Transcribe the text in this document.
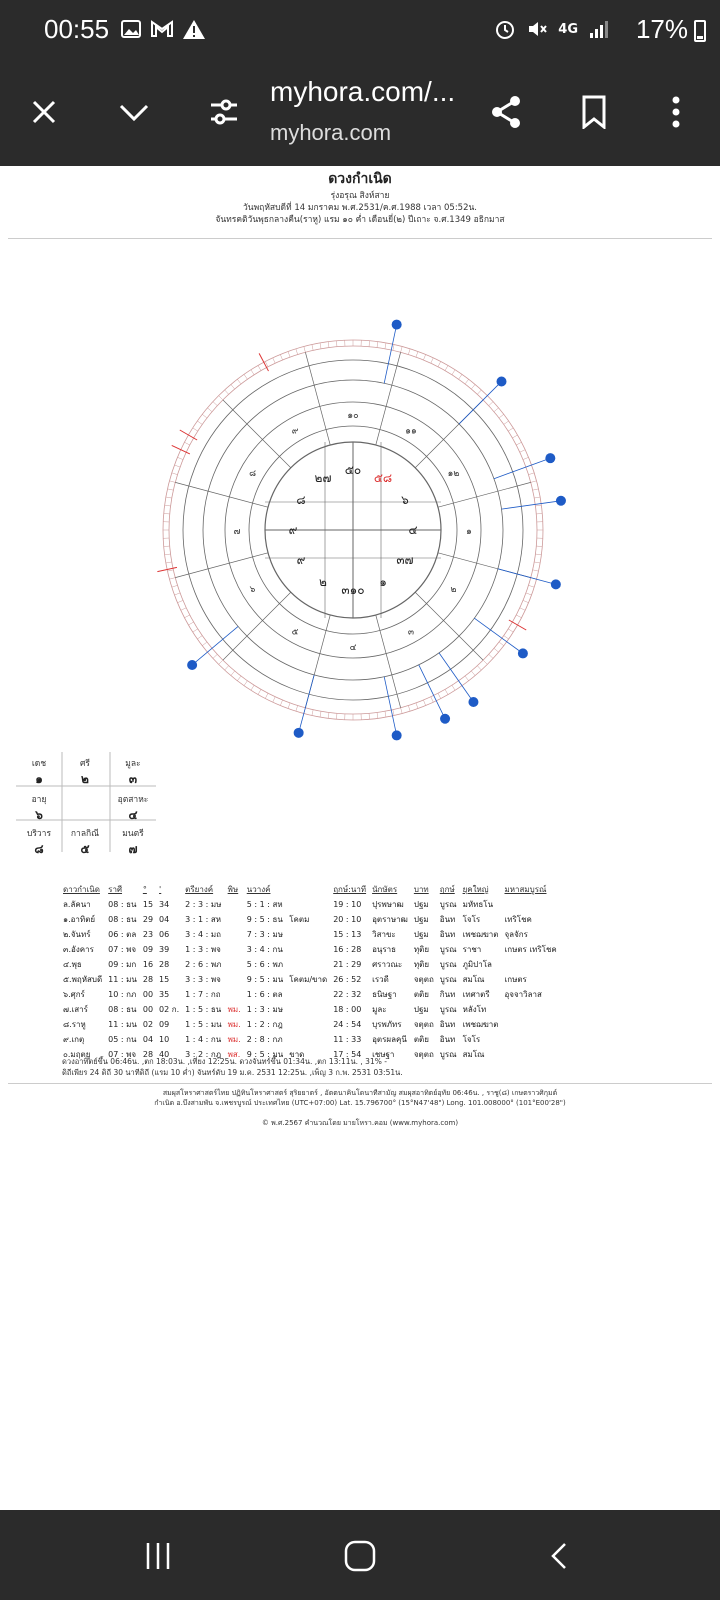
00:55	4G 17%
myhora.com/...
myhora.com
ดวงกำเนิด
รุ่งอรุณ สิงห์สาย
วันพฤหัสบดีที่ 14 มกราคม พ.ศ.2531/ค.ศ.1988 เวลา 05:52น.
จันทรคติวันพุธกลางคืน(ราหู) แรม ๑๐ ค่ำ เดือนยี่(๒) ปีเถาะ จ.ศ.1349 อธิกมาส
๕๘
๖
๔
๓๗
๑
๓๑๐
๒
๙
๙
๘
๒๗
๕๐
๑
๒
๓
๔
๕
๖
๗
๘
๙
๑๐
๑๑
๑๒
เดช
๑
ศรี
๒
มูละ
๓
อายุ
๖
อุตสาหะ
๔
บริวาร
๘
กาลกิณี
๕
มนตรี
๗
ดาวกำเนิด	ราศี	°	'	ตรียางค์	พิษ	นวางค์		ฤกษ์:นาที	นักษัตร	บาท	ฤกษ์	ยุคใหญ่	มหาสมบูรณ์
ล.ลัคนา	08 : ธน	15	34	2 : 3 : มษ		5 : 1 : สห		19 : 10	ปุรพษาฒ	ปฐม	บูรณ	มหัทธโน	
๑.อาทิตย์	08 : ธน	29	04	3 : 1 : สห		9 : 5 : ธน	โคตม	20 : 10	อุตราษาฒ	ปฐม	อินท	โจโร	เทริโชค
๒.จันทร์	06 : ตล	23	06	3 : 4 : มถ		7 : 3 : มษ		15 : 13	วิสาขะ	ปฐม	อินท	เพชฌฆาต	จุลจักร
๓.อังคาร	07 : พจ	09	39	1 : 3 : พจ		3 : 4 : กน		16 : 28	อนุราธ	ทุติย	บูรณ	ราชา	เกษตร เทริโชค
๔.พุธ	09 : มก	16	28	2 : 6 : พภ		5 : 6 : พภ		21 : 29	ศราวณะ	ทุติย	บูรณ	ภูมิปาโล	
๕.พฤหัสบดี	11 : มน	28	15	3 : 3 : พจ		9 : 5 : มน	โคตม/ขาด	26 : 52	เรวดี	จตุตถ	บูรณ	สมโณ	เกษตร
๖.ศุกร์	10 : กภ	00	35	1 : 7 : กถ		1 : 6 : ตล		22 : 32	ธนิษฐา	ตติย	กินท	เทศาตรี	อุจจาวิลาส
๗.เสาร์	08 : ธน	00	02 ก.	1 : 5 : ธน	พม.	1 : 3 : มษ		18 : 00	มูละ	ปฐม	บูรณ	หลังโท	
๘.ราหู	11 : มน	02	09	1 : 5 : มน	พม.	1 : 2 : กฎ		24 : 54	บุรพภัทร	จตุตถ	อินท	เพชฌฆาต	
๙.เกตุ	05 : กน	04	10	1 : 4 : กน	พม.	2 : 8 : กภ		11 : 33	อุตรผลคุนี	ตติย	อินท	โจโร	
๐.มฤตยู	07 : พจ	28	40	3 : 2 : กฎ	พส.	9 : 5 : มน	ขาด	17 : 54	เชษฐา	จตุตถ	บูรณ	สมโณ	
ดวงอาทิตย์ขึ้น 06:46น. ,ตก 18:03น. ,เที่ยง 12:25น. ดวงจันทร์ขึ้น 01:34น. ,ตก 13:11น. , 31% -
ดิถีเพียร 24 ดิถี 30 นาทีดิถี (แรม 10 ค่ำ) จันทร์ดับ 19 ม.ค. 2531 12:25น. ,เพ็ญ 3 ก.พ. 2531 03:51น.
สมผุสโหราศาสตร์ไทย ปฏิทินโหราศาสตร์ สุริยยาตร์ , อัตตนาคินโดนาทีสามัญ สมผุสอาทิตย์อุทัย 06:46น. , ราชู(๘) เกษตราวศิกุมต์
กำเนิด อ.บึงสามพัน จ.เพชรบูรณ์ ประเทศไทย (UTC+07:00) Lat. 15.796700° (15°N47'48") Long. 101.008000° (101°E00'28")
© พ.ศ.2567 คำนวณโดย มายโหรา.คอม (www.myhora.com)
